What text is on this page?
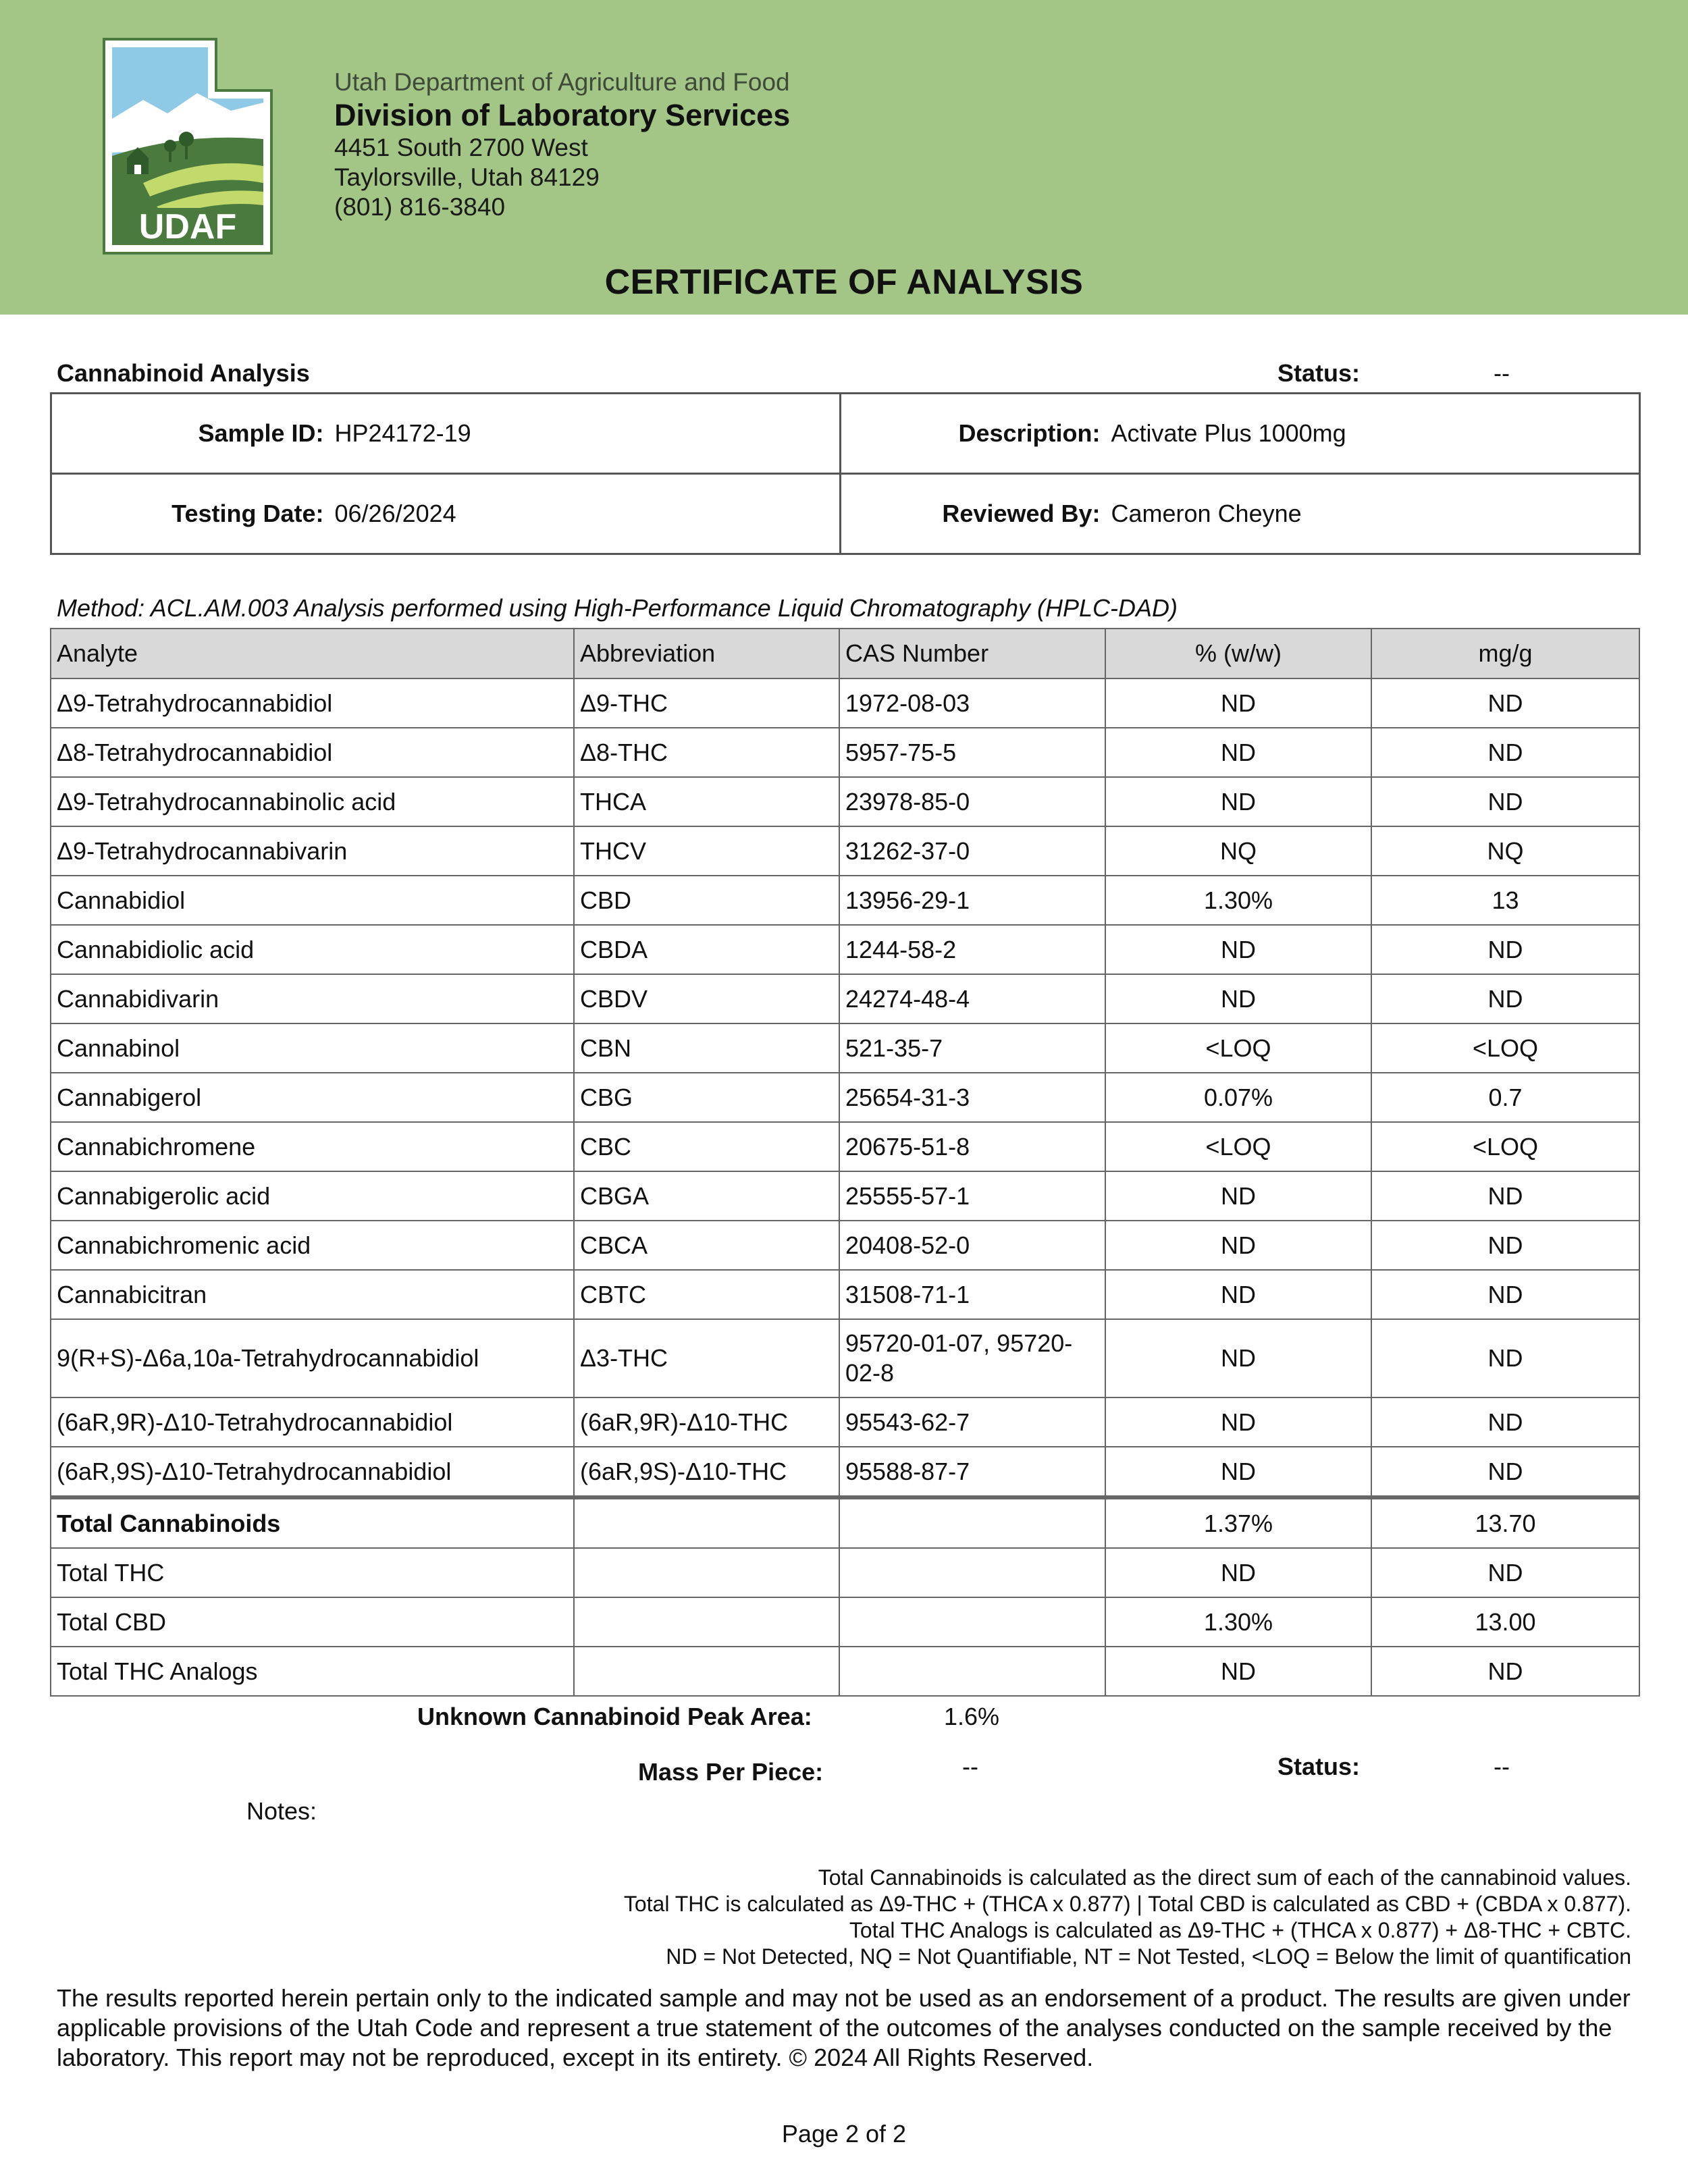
UDAF
Utah Department of Agriculture and Food
Division of Laboratory Services
4451 South 2700 West
Taylorsville, Utah 84129
(801) 816-3840
CERTIFICATE OF ANALYSIS
Cannabinoid Analysis	Status:	--
Sample ID:	HP24172-19	Description:	Activate Plus 1000mg
Testing Date:	06/26/2024	Reviewed By:	Cameron Cheyne
Method: ACL.AM.003 Analysis performed using High-Performance Liquid Chromatography (HPLC-DAD)
Analyte	Abbreviation	CAS Number	% (w/w)	mg/g
Δ9-Tetrahydrocannabidiol	Δ9-THC	1972-08-03	ND	ND
Δ8-Tetrahydrocannabidiol	Δ8-THC	5957-75-5	ND	ND
Δ9-Tetrahydrocannabinolic acid	THCA	23978-85-0	ND	ND
Δ9-Tetrahydrocannabivarin	THCV	31262-37-0	NQ	NQ
Cannabidiol	CBD	13956-29-1	1.30%	13
Cannabidiolic acid	CBDA	1244-58-2	ND	ND
Cannabidivarin	CBDV	24274-48-4	ND	ND
Cannabinol	CBN	521-35-7	<LOQ	<LOQ
Cannabigerol	CBG	25654-31-3	0.07%	0.7
Cannabichromene	CBC	20675-51-8	<LOQ	<LOQ
Cannabigerolic acid	CBGA	25555-57-1	ND	ND
Cannabichromenic acid	CBCA	20408-52-0	ND	ND
Cannabicitran	CBTC	31508-71-1	ND	ND
9(R+S)-Δ6a,10a-Tetrahydrocannabidiol	Δ3-THC	95720-01-07, 95720-02-8	ND	ND
(6aR,9R)-Δ10-Tetrahydrocannabidiol	(6aR,9R)-Δ10-THC	95543-62-7	ND	ND
(6aR,9S)-Δ10-Tetrahydrocannabidiol	(6aR,9S)-Δ10-THC	95588-87-7	ND	ND
Total Cannabinoids			1.37%	13.70
Total THC			ND	ND
Total CBD			1.30%	13.00
Total THC Analogs			ND	ND
Unknown Cannabinoid Peak Area:	1.6%
Mass Per Piece:	--	Status:	--
Notes:
Total Cannabinoids is calculated as the direct sum of each of the cannabinoid values.
Total THC is calculated as Δ9-THC + (THCA x 0.877) | Total CBD is calculated as CBD + (CBDA x 0.877).
Total THC Analogs is calculated as Δ9-THC + (THCA x 0.877) + Δ8-THC + CBTC.
ND = Not Detected, NQ = Not Quantifiable, NT = Not Tested, <LOQ = Below the limit of quantification
The results reported herein pertain only to the indicated sample and may not be used as an endorsement of a product. The results are given under applicable provisions of the Utah Code and represent a true statement of the outcomes of the analyses conducted on the sample received by the laboratory. This report may not be reproduced, except in its entirety. © 2024 All Rights Reserved.
Page 2 of 2
